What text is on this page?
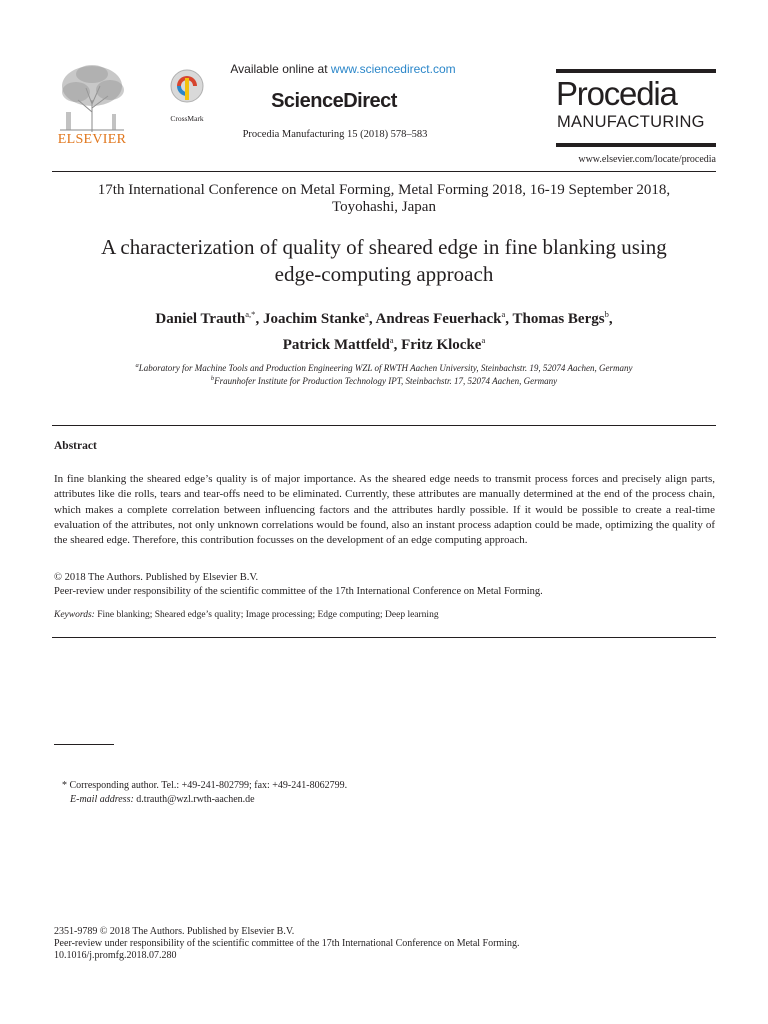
ELSEVIER
CrossMark
Available online at www.sciencedirect.com
ScienceDirect
Procedia Manufacturing 15 (2018) 578–583
Procedia
MANUFACTURING
www.elsevier.com/locate/procedia
17th International Conference on Metal Forming, Metal Forming 2018, 16-19 September 2018,
Toyohashi, Japan
A characterization of quality of sheared edge in fine blanking using
edge-computing approach
Daniel Trauth$^{a,*}$, Joachim Stanke$^a$, Andreas Feuerhack$^a$, Thomas Bergs$^b$,
Patrick Mattfeld$^a$, Fritz Klocke$^a$
$^a$Laboratory for Machine Tools and Production Engineering WZL of RWTH Aachen University, Steinbachstr. 19, 52074 Aachen, Germany
$^b$Fraunhofer Institute for Production Technology IPT, Steinbachstr. 17, 52074 Aachen, Germany
Abstract
In fine blanking the sheared edge’s quality is of major importance. As the sheared edge needs to transmit process forces and precisely align parts, attributes like die rolls, tears and tear-offs need to be eliminated. Currently, these attributes are manually determined at the end of the process chain, which makes a complete correlation between influencing factors and the attributes hardly possible. If it would be possible to create a real-time evaluation of the attributes, not only unknown correlations would be found, also an instant process adaption could be made, optimizing the quality of the sheared edge. Therefore, this contribution focusses on the development of an edge computing approach.
© 2018 The Authors. Published by Elsevier B.V.
Peer-review under responsibility of the scientific committee of the 17th International Conference on Metal Forming.
Keywords: Fine blanking; Sheared edge’s quality; Image processing; Edge computing; Deep learning
* Corresponding author. Tel.: +49-241-802799; fax: +49-241-8062799.
E-mail address: d.trauth@wzl.rwth-aachen.de
2351-9789 © 2018 The Authors. Published by Elsevier B.V.
Peer-review under responsibility of the scientific committee of the 17th International Conference on Metal Forming.
10.1016/j.promfg.2018.07.280
